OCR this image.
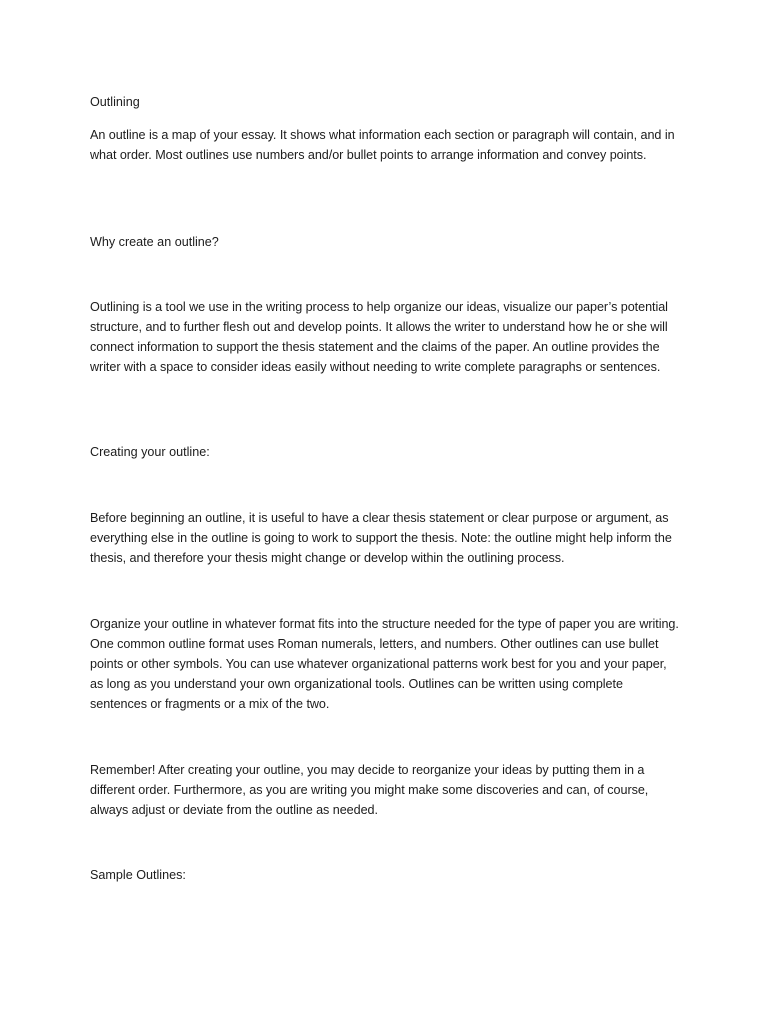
Outlining

An outline is a map of your essay. It shows what information each section or paragraph will contain, and in what order. Most outlines use numbers and/or bullet points to arrange information and convey points.

Why create an outline?

Outlining is a tool we use in the writing process to help organize our ideas, visualize our paper’s potential structure, and to further flesh out and develop points. It allows the writer to understand how he or she will connect information to support the thesis statement and the claims of the paper. An outline provides the writer with a space to consider ideas easily without needing to write complete paragraphs or sentences.

Creating your outline:

Before beginning an outline, it is useful to have a clear thesis statement or clear purpose or argument, as everything else in the outline is going to work to support the thesis. Note: the outline might help inform the thesis, and therefore your thesis might change or develop within the outlining process.

Organize your outline in whatever format fits into the structure needed for the type of paper you are writing. One common outline format uses Roman numerals, letters, and numbers. Other outlines can use bullet points or other symbols. You can use whatever organizational patterns work best for you and your paper, as long as you understand your own organizational tools. Outlines can be written using complete sentences or fragments or a mix of the two.

Remember! After creating your outline, you may decide to reorganize your ideas by putting them in a different order. Furthermore, as you are writing you might make some discoveries and can, of course, always adjust or deviate from the outline as needed.

Sample Outlines:
